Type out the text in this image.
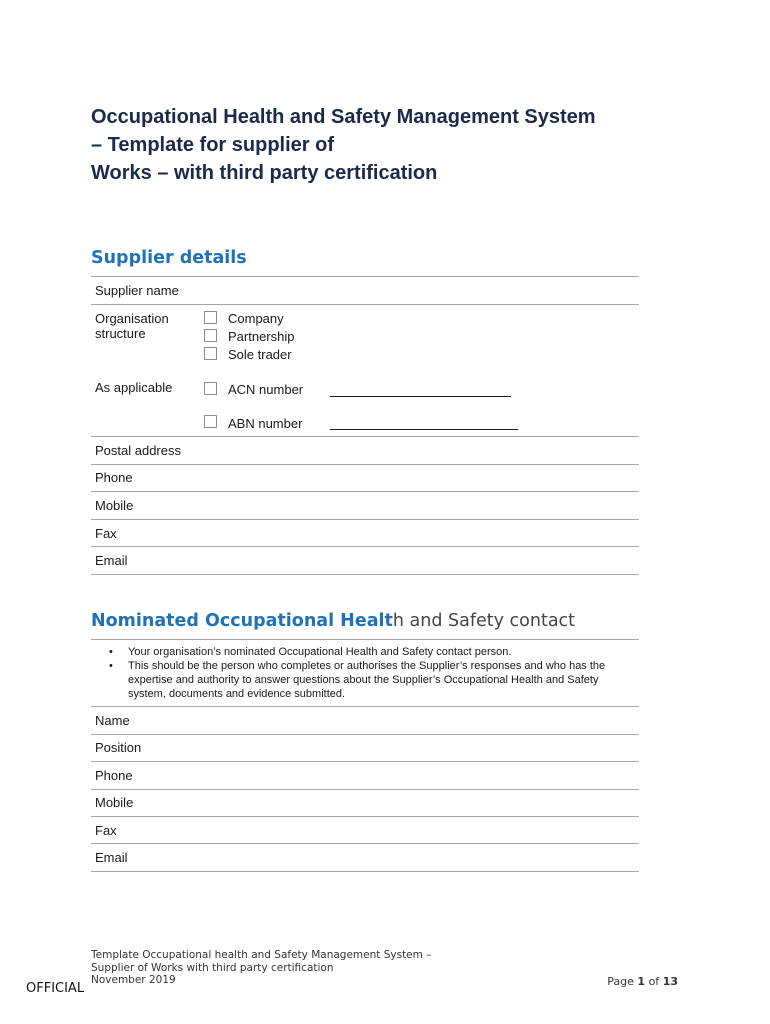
Occupational Health and Safety Management System
– Template for supplier of
Works – with third party certification
Supplier details
Supplier name
Organisation
structure
Company
Partnership
Sole trader
As applicable	ACN number
ABN number
Postal address
Phone
Mobile
Fax
Email
Nominated Occupational Health and Safety contact
• Your organisation’s nominated Occupational Health and Safety contact person.
• This should be the person who completes or authorises the Supplier’s responses and who has the expertise and authority to answer questions about the Supplier’s Occupational Health and Safety system, documents and evidence submitted.
Name
Position
Phone
Mobile
Fax
Email
Template Occupational health and Safety Management System –
Supplier of Works with third party certification
November 2019	Page 1 of 13
OFFICIAL
